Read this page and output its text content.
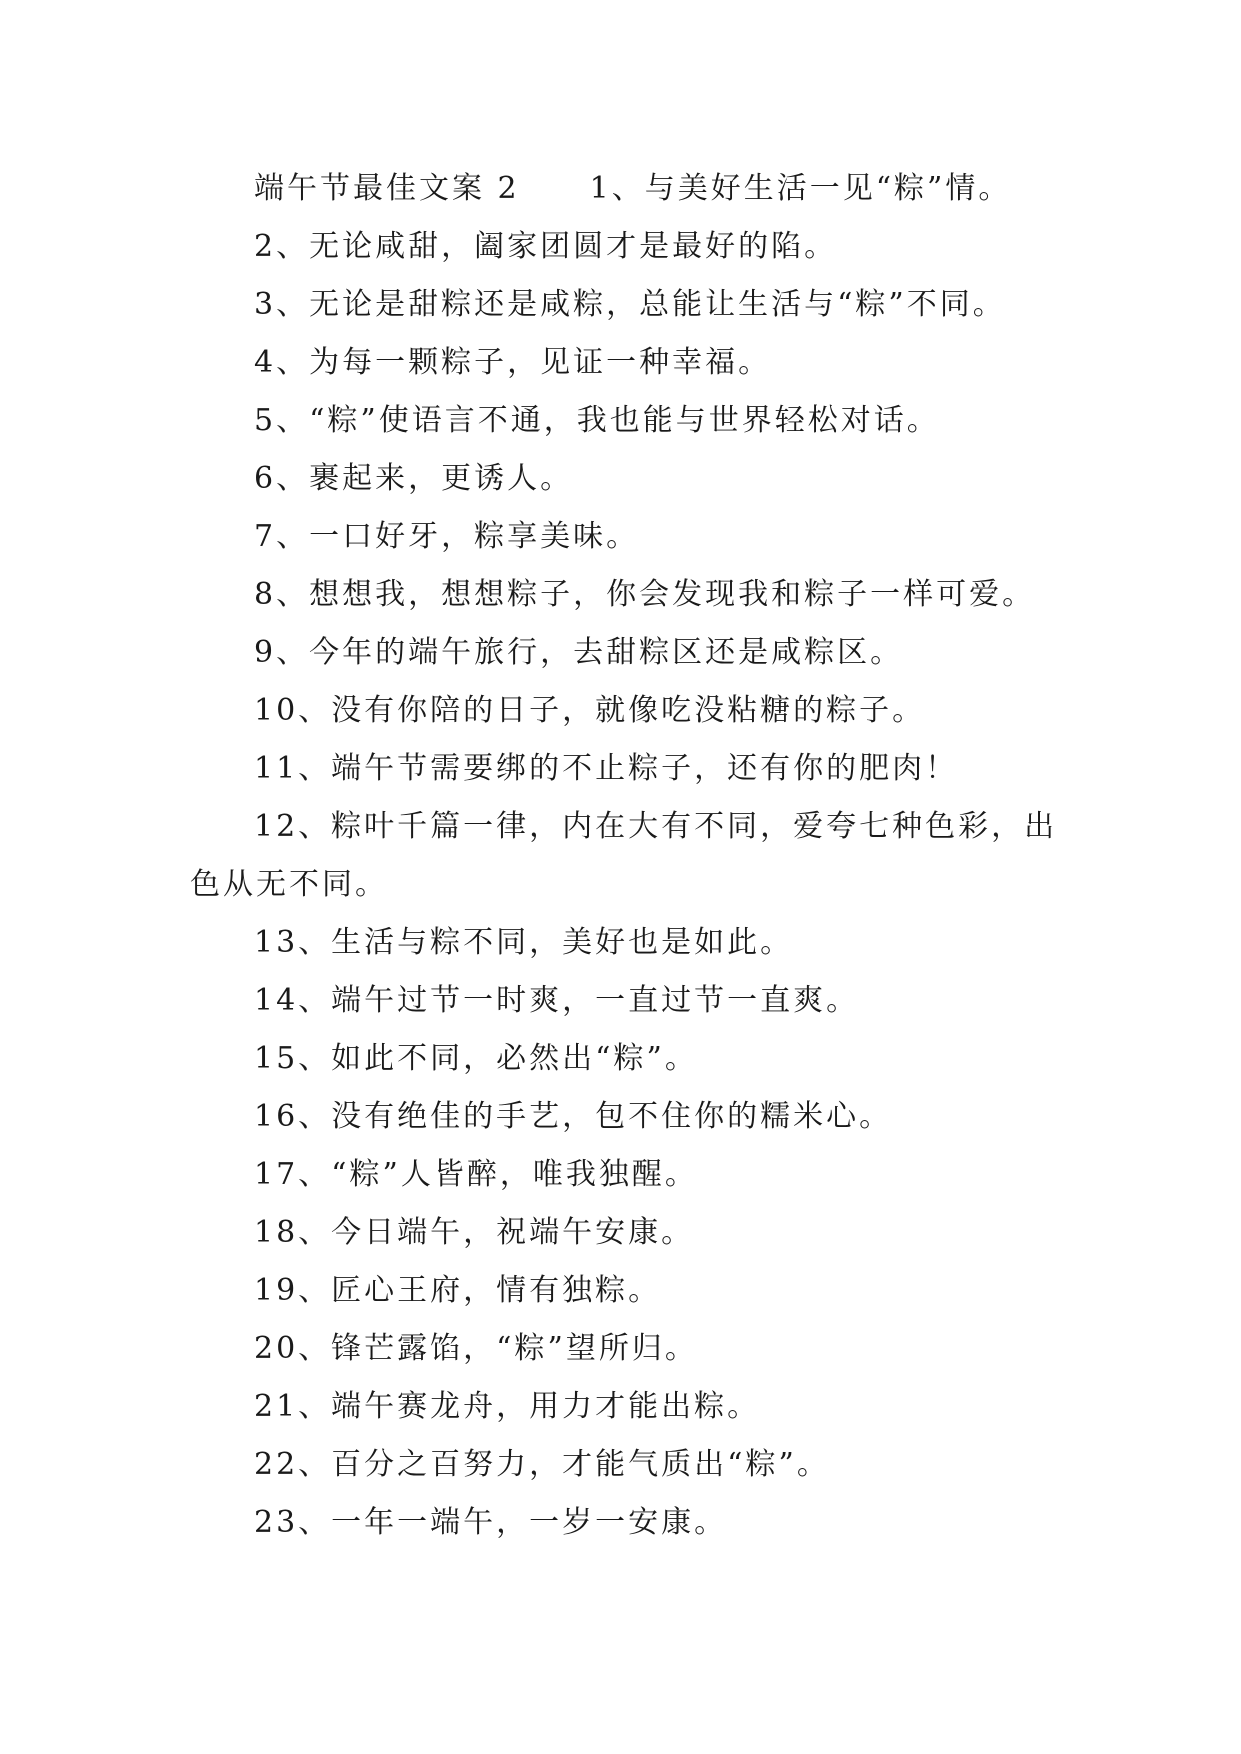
端午节最佳文案 2 1、与美好生活一见“粽”情。
2、无论咸甜，阖家团圆才是最好的陷。
3、无论是甜粽还是咸粽，总能让生活与“粽”不同。
4、为每一颗粽子，见证一种幸福。
5、“粽”使语言不通，我也能与世界轻松对话。
6、裹起来，更诱人。
7、一口好牙，粽享美味。
8、想想我，想想粽子，你会发现我和粽子一样可爱。
9、今年的端午旅行，去甜粽区还是咸粽区。
10、没有你陪的日子，就像吃没粘糖的粽子。
11、端午节需要绑的不止粽子，还有你的肥肉！
12、粽叶千篇一律，内在大有不同，爱夸七种色彩，出
色从无不同。
13、生活与粽不同，美好也是如此。
14、端午过节一时爽，一直过节一直爽。
15、如此不同，必然出“粽”。
16、没有绝佳的手艺，包不住你的糯米心。
17、“粽”人皆醉，唯我独醒。
18、今日端午，祝端午安康。
19、匠心王府，情有独粽。
20、锋芒露馅，“粽”望所归。
21、端午赛龙舟，用力才能出粽。
22、百分之百努力，才能气质出“粽”。
23、一年一端午，一岁一安康。
